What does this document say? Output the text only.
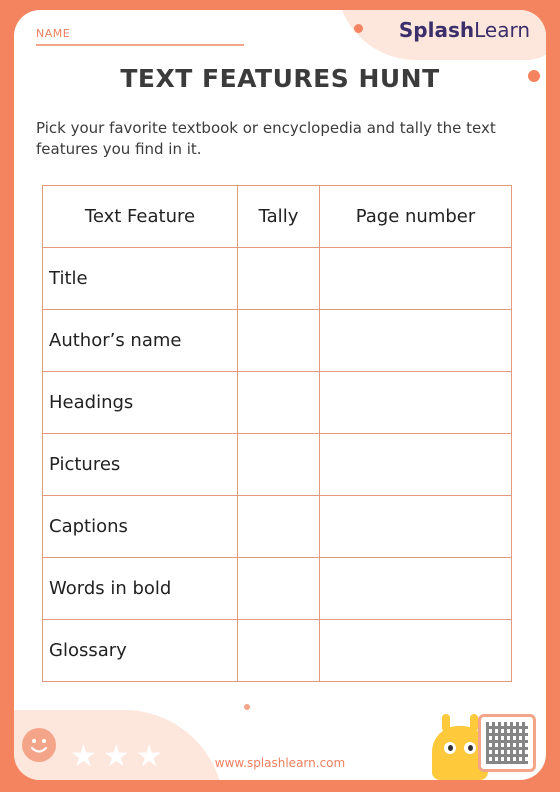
NAME	SplashLearn
TEXT FEATURES HUNT
Pick your favorite textbook or encyclopedia and tally the text features you find in it.
Text Feature	Tally	Page number
Title		
Author’s name		
Headings		
Pictures		
Captions		
Words in bold		
Glossary		
★★★	www.splashlearn.com
